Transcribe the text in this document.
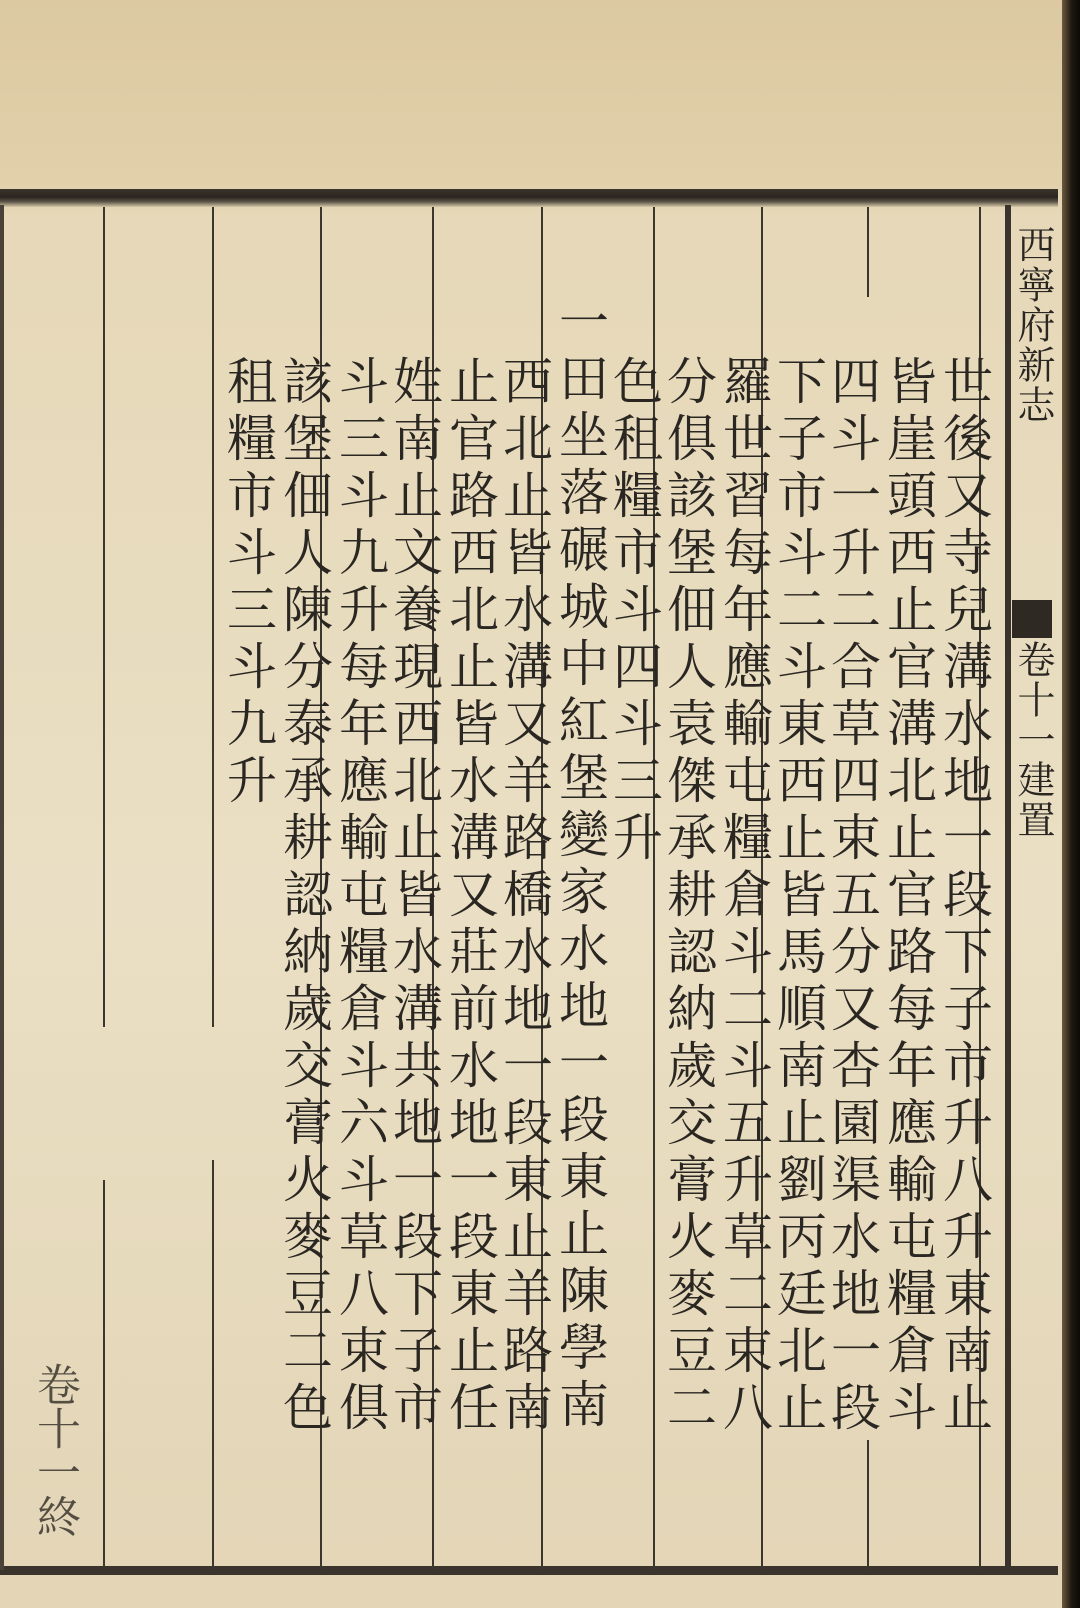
西寧府新志
卷十一建置
世後又寺兒溝水地一段下子市升八升東南止
皆崖頭西止官溝北止官路每年應輸屯糧倉斗
四斗一升二合草四束五分又杏園渠水地一段
下子市斗二斗東西止皆馬順南止劉丙廷北止
羅世習每年應輸屯糧倉斗二斗五升草二束八
分俱該堡佃人袁傑承耕認納歲交膏火麥豆二
色租糧市斗四斗三升
一田坐落碾城中紅堡變家水地一段東止陳學南
西北止皆水溝又羊路橋水地一段東止羊路南
止官路西北止皆水溝又莊前水地一段東止任
姓南止文養現西北止皆水溝共地一段下子市
斗三斗九升每年應輸屯糧倉斗六斗草八束俱
該堡佃人陳分泰承耕認納歲交膏火麥豆二色
租糧市斗三斗九升
卷十一終
